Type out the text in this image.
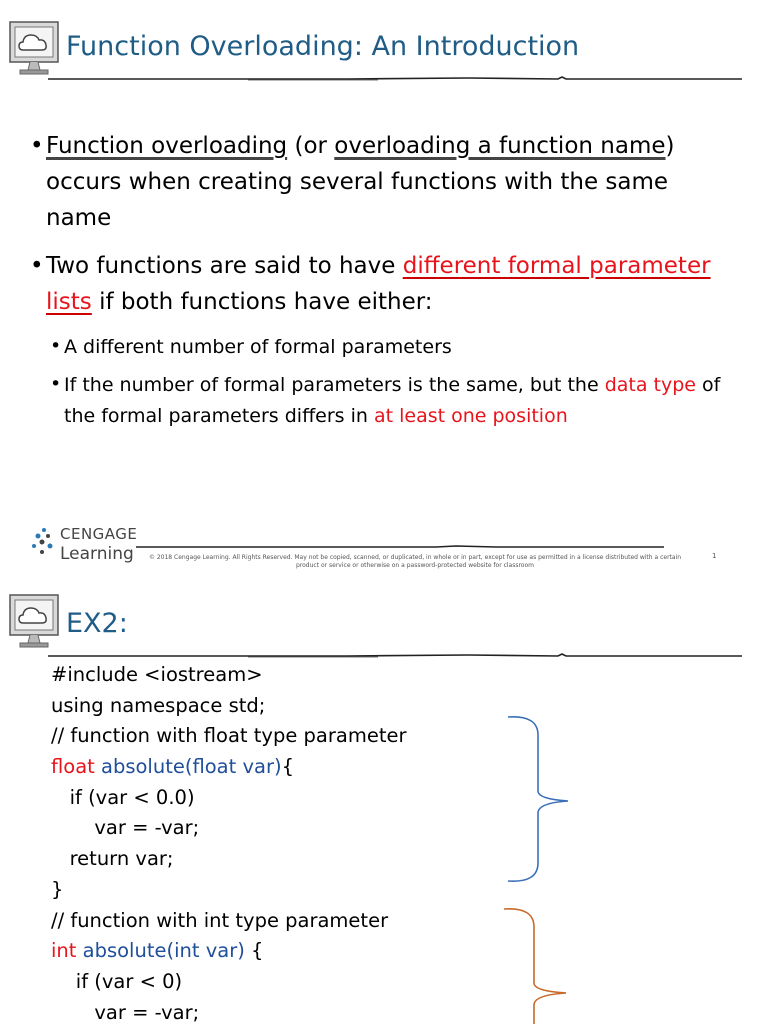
Function Overloading: An Introduction
• Function overloading (or overloading a function name) occurs when creating several functions with the same name
• Two functions are said to have different formal parameter lists if both functions have either:
• A different number of formal parameters
• If the number of formal parameters is the same, but the data type of the formal parameters differs in at least one position
CENGAGE
Learning	© 2018 Cengage Learning. All Rights Reserved. May not be copied, scanned, or duplicated, in whole or in part, except for use as permitted in a license distributed with a certain product or service or otherwise on a password-protected website for classroom
1
EX2:
#include <iostream>
using namespace std;
// function with float type parameter
float absolute(float var){
if (var < 0.0)
var = -var;
return var;
}
// function with int type parameter
int absolute(int var) {
if (var < 0)
var = -var;
